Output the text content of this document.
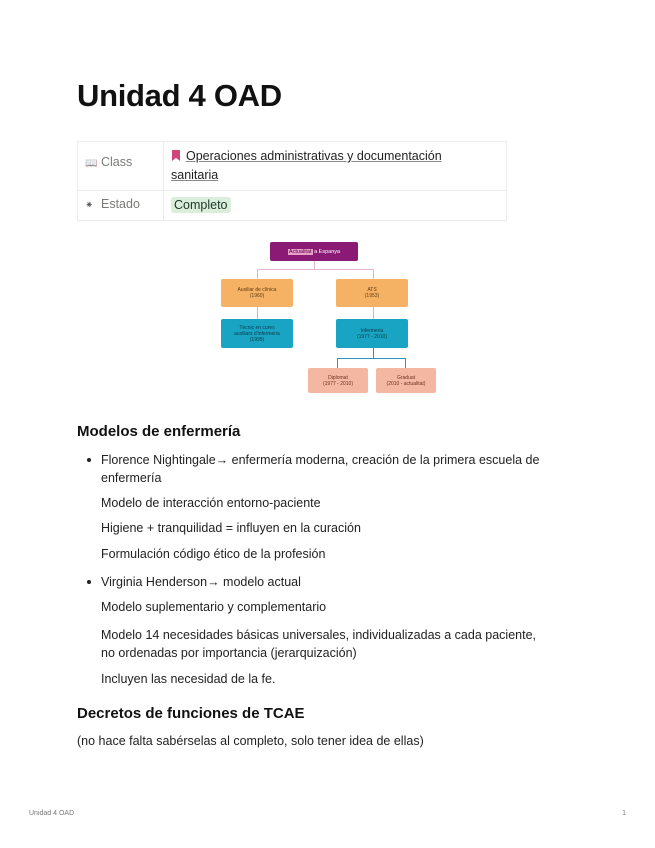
Unidad 4 OAD
📖 Class	Operaciones administrativas y documentación
sanitaria
⁕ Estado	Completo
Actualitat a Espanya
Auxiliar de clínica
(1960)
ATS
(1953)
Tècnic en cures
auxiliars d'infermeria
(1995)
Infermeria
(1977 - 2010)
Diplomat
(1977 - 2010)
Graduat
(2010 - actualitat)
Modelos de enfermería
Florence Nightingale→ enfermería moderna, creación de la primera escuela de
enfermería

Modelo de interacción entorno-paciente

Higiene + tranquilidad = influyen en la curación

Formulación código ético de la profesión

Virginia Henderson→ modelo actual

Modelo suplementario y complementario

Modelo 14 necesidades básicas universales, individualizadas a cada paciente,
no ordenadas por importancia (jerarquización)

Incluyen las necesidad de la fe.

Decretos de funciones de TCAE

(no hace falta sabérselas al completo, solo tener idea de ellas)

Unidad 4 OAD	1
